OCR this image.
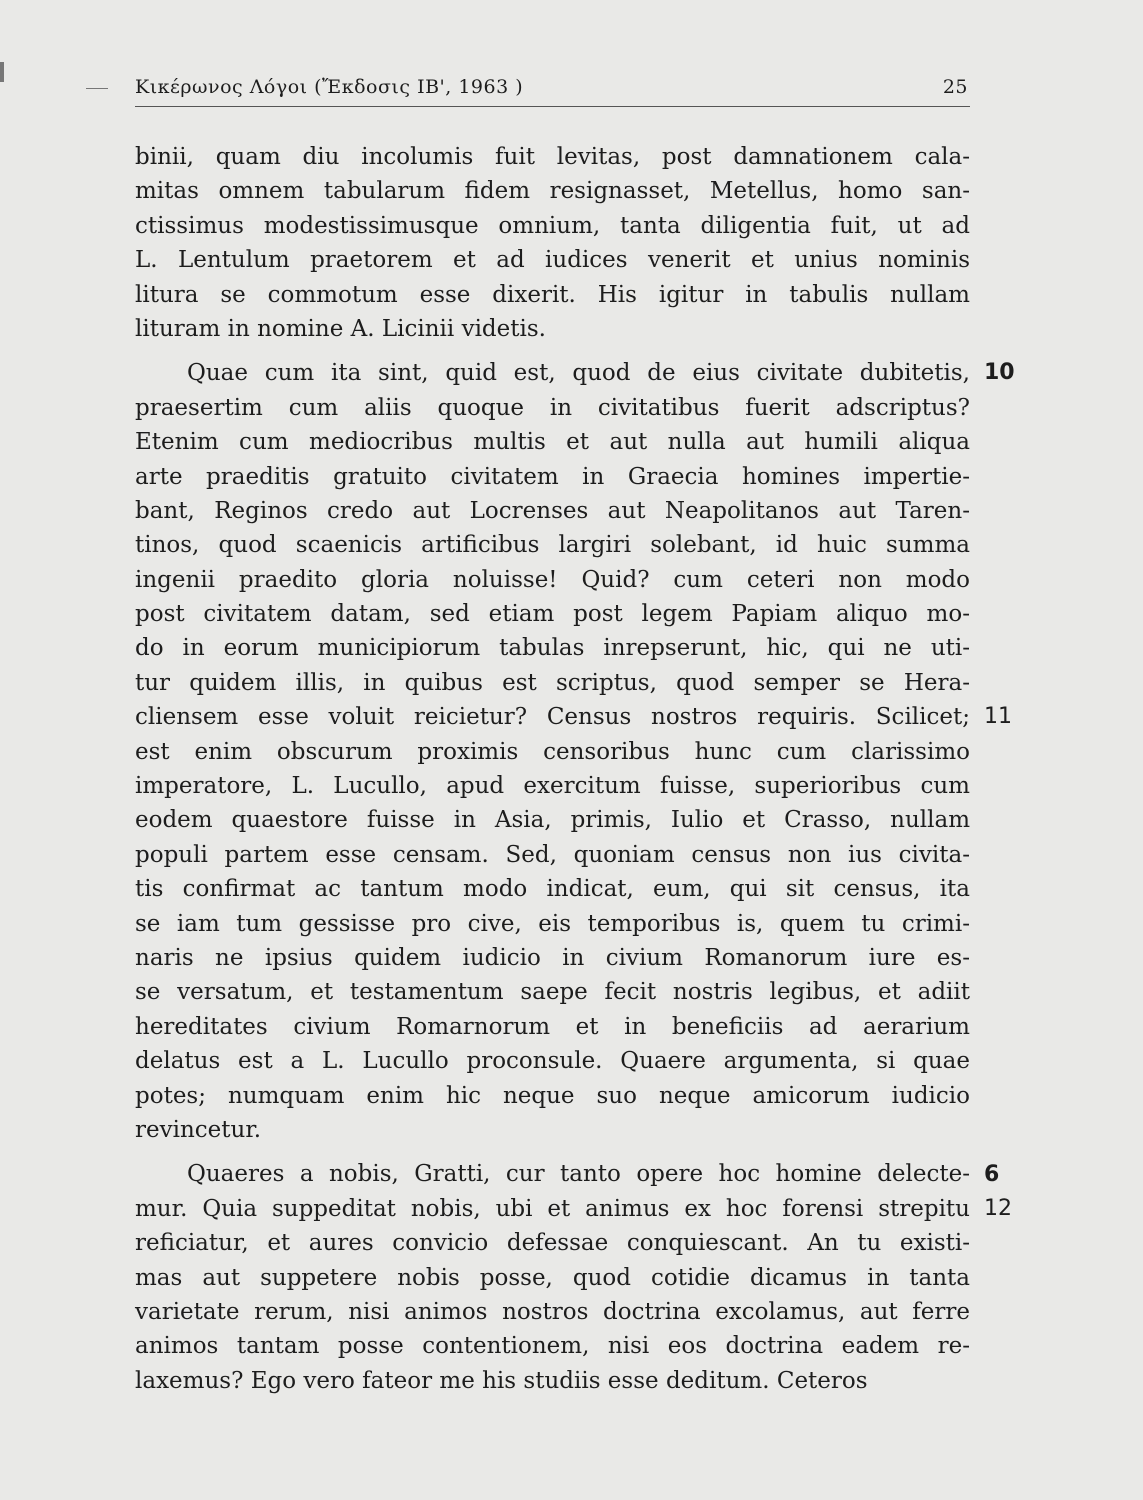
Κικέρωνος Λόγοι (Ἔκδοσις ΙΒ', 1963 )	25
binii, quam diu incolumis fuit levitas, post damnationem cala-
mitas omnem tabularum fidem resignasset, Metellus, homo san-
ctissimus modestissimusque omnium, tanta diligentia fuit, ut ad
L. Lentulum praetorem et ad iudices venerit et unius nominis
litura se commotum esse dixerit. His igitur in tabulis nullam
lituram in nomine A. Licinii videtis.
Quae cum ita sint, quid est, quod de eius civitate dubitetis,
praesertim cum aliis quoque in civitatibus fuerit adscriptus?
Etenim cum mediocribus multis et aut nulla aut humili aliqua
arte praeditis gratuito civitatem in Graecia homines impertie-
bant, Reginos credo aut Locrenses aut Neapolitanos aut Taren-
tinos, quod scaenicis artificibus largiri solebant, id huic summa
ingenii praedito gloria noluisse! Quid? cum ceteri non modo
post civitatem datam, sed etiam post legem Papiam aliquo mo-
do in eorum municipiorum tabulas inrepserunt, hic, qui ne uti-
tur quidem illis, in quibus est scriptus, quod semper se Hera-
cliensem esse voluit reicietur? Census nostros requiris. Scilicet;
est enim obscurum proximis censoribus hunc cum clarissimo
imperatore, L. Lucullo, apud exercitum fuisse, superioribus cum
eodem quaestore fuisse in Asia, primis, Iulio et Crasso, nullam
populi partem esse censam. Sed, quoniam census non ius civita-
tis confirmat ac tantum modo indicat, eum, qui sit census, ita
se iam tum gessisse pro cive, eis temporibus is, quem tu crimi-
naris ne ipsius quidem iudicio in civium Romanorum iure es-
se versatum, et testamentum saepe fecit nostris legibus, et adiit
hereditates civium Romarnorum et in beneficiis ad aerarium
delatus est a L. Lucullo proconsule. Quaere argumenta, si quae
potes; numquam enim hic neque suo neque amicorum iudicio
revincetur.
Quaeres a nobis, Gratti, cur tanto opere hoc homine delecte-
mur. Quia suppeditat nobis, ubi et animus ex hoc forensi strepitu
reficiatur, et aures convicio defessae conquiescant. An tu existi-
mas aut suppetere nobis posse, quod cotidie dicamus in tanta
varietate rerum, nisi animos nostros doctrina excolamus, aut ferre
animos tantam posse contentionem, nisi eos doctrina eadem re-
laxemus? Ego vero fateor me his studiis esse deditum. Ceteros
10
11
6
12
